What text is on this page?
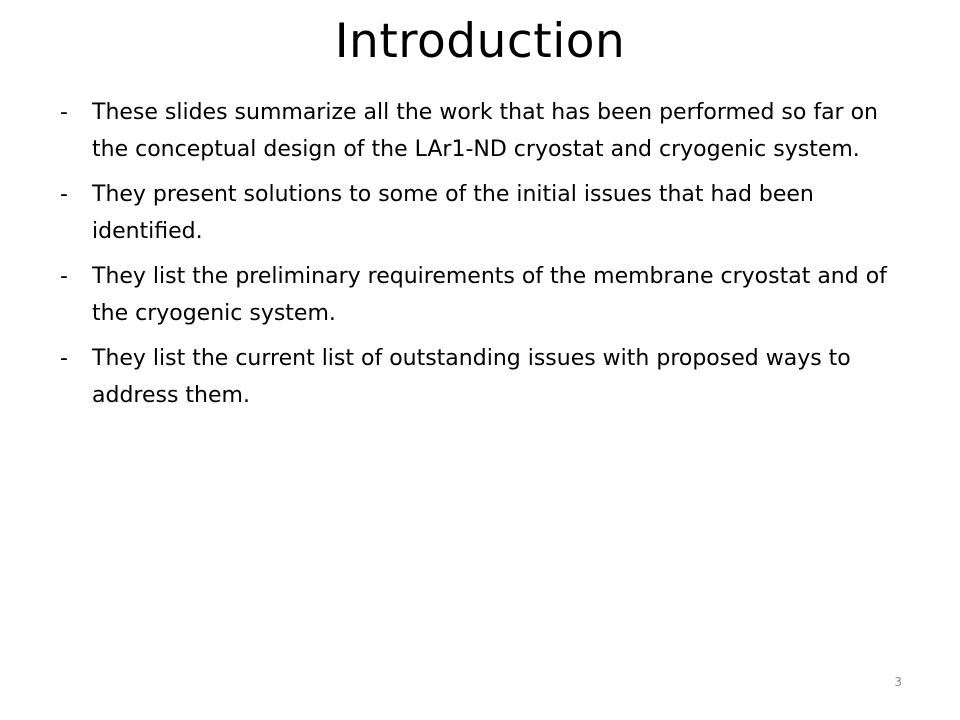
Introduction
-	These slides summarize all the work that has been performed so far on the conceptual design of the LAr1-ND cryostat and cryogenic system.
-	They present solutions to some of the initial issues that had been identified.
-	They list the preliminary requirements of the membrane cryostat and of the cryogenic system.
-	They list the current list of outstanding issues with proposed ways to address them.
3
